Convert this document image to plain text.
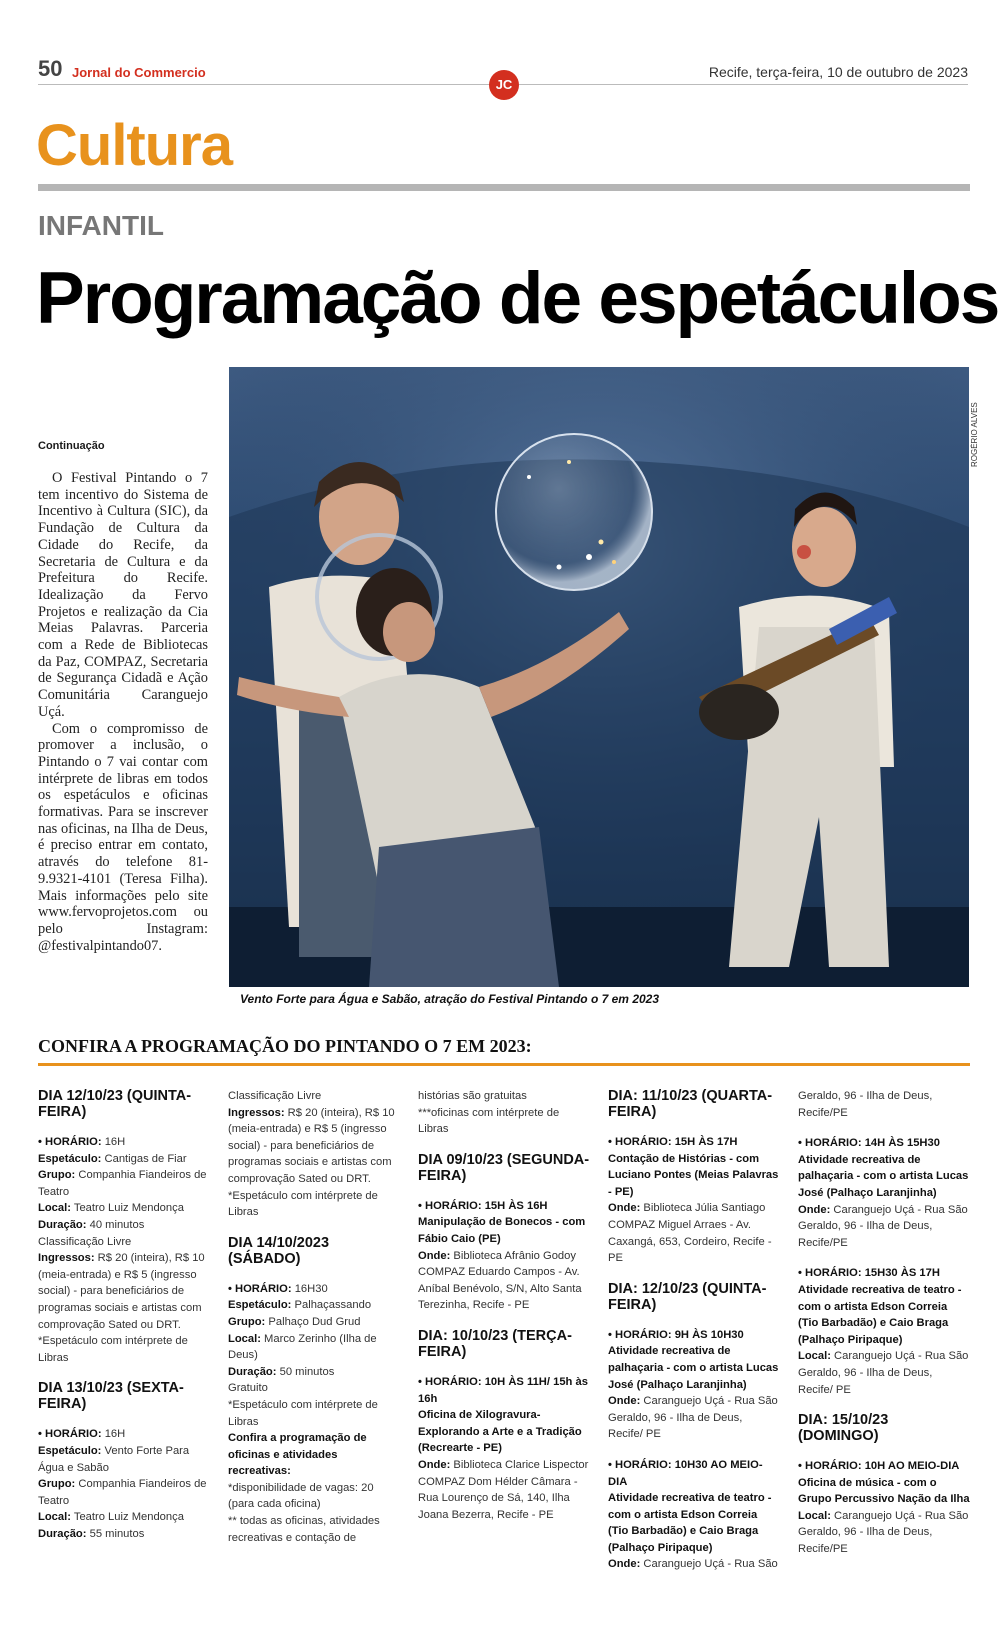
50 Jornal do Commercio	Recife, terça-feira, 10 de outubro de 2023
JC
Cultura
INFANTIL
Programação de espetáculos
ROGÉRIO ALVES
Vento Forte para Água e Sabão, atração do Festival Pintando o 7 em 2023
Continuação

O Festival Pintando o 7 tem incentivo do Sistema de Incentivo à Cultura (SIC), da Fundação de Cultura da Cidade do Recife, da Secretaria de Cultura e da Prefeitura do Recife. Idealização da Fervo Projetos e realização da Cia Meias Palavras. Parceria com a Rede de Bibliotecas da Paz, COMPAZ, Secretaria de Segurança Cidadã e Ação Comunitária Caranguejo Uçá.

Com o compromisso de promover a inclusão, o Pintando o 7 vai contar com intérprete de libras em todos os espetáculos e oficinas formativas. Para se inscrever nas oficinas, na Ilha de Deus, é preciso entrar em contato, através do telefone 81- 9.9321-4101 (Teresa Filha). Mais informações pelo site www.fervoprojetos.com ou pelo Instagram: @festivalpintando07.

CONFIRA A PROGRAMAÇÃO DO PINTANDO O 7 EM 2023:
DIA 12/10/23 (QUINTA-FEIRA)
• HORÁRIO: 16H
Espetáculo: Cantigas de Fiar
Grupo: Companhia Fiandeiros de Teatro
Local: Teatro Luiz Mendonça
Duração: 40 minutos
Classificação Livre
Ingressos: R$ 20 (inteira), R$ 10 (meia-entrada) e R$ 5 (ingresso social) - para beneficiários de programas sociais e artistas com comprovação Sated ou DRT.
*Espetáculo com intérprete de Libras
DIA 13/10/23 (SEXTA-FEIRA)
• HORÁRIO: 16H
Espetáculo: Vento Forte Para Água e Sabão
Grupo: Companhia Fiandeiros de Teatro
Local: Teatro Luiz Mendonça
Duração: 55 minutos
Classificação Livre
Ingressos: R$ 20 (inteira), R$ 10 (meia-entrada) e R$ 5 (ingresso social) - para beneficiários de programas sociais e artistas com comprovação Sated ou DRT.
*Espetáculo com intérprete de Libras
DIA 14/10/2023 (SÁBADO)
• HORÁRIO: 16H30
Espetáculo: Palhaçassando
Grupo: Palhaço Dud Grud
Local: Marco Zerinho (Ilha de Deus)
Duração: 50 minutos
Gratuito
*Espetáculo com intérprete de Libras
Confira a programação de oficinas e atividades recreativas:
*disponibilidade de vagas: 20 (para cada oficina)
** todas as oficinas, atividades recreativas e contação de
histórias são gratuitas
***oficinas com intérprete de Libras
DIA 09/10/23 (SEGUNDA-FEIRA)
• HORÁRIO: 15H ÀS 16H
Manipulação de Bonecos - com Fábio Caio (PE)
Onde: Biblioteca Afrânio Godoy
COMPAZ Eduardo Campos - Av. Aníbal Benévolo, S/N, Alto Santa Terezinha, Recife - PE
DIA: 10/10/23 (TERÇA-FEIRA)
• HORÁRIO: 10H ÀS 11H/ 15h às 16h
Oficina de Xilogravura- Explorando a Arte e a Tradição (Recrearte - PE)
Onde: Biblioteca Clarice Lispector
COMPAZ Dom Hélder Câmara - Rua Lourenço de Sá, 140, Ilha Joana Bezerra, Recife - PE
DIA: 11/10/23 (QUARTA-FEIRA)
• HORÁRIO: 15H ÀS 17H
Contação de Histórias - com Luciano Pontes (Meias Palavras - PE)
Onde: Biblioteca Júlia Santiago
COMPAZ Miguel Arraes - Av. Caxangá, 653, Cordeiro, Recife - PE
DIA: 12/10/23 (QUINTA-FEIRA)
• HORÁRIO: 9H ÀS 10H30
Atividade recreativa de palhaçaria - com o artista Lucas José (Palhaço Laranjinha)
Onde: Caranguejo Uçá - Rua São Geraldo, 96 - Ilha de Deus, Recife/ PE
• HORÁRIO: 10H30 AO MEIO-DIA
Atividade recreativa de teatro - com o artista Edson Correia (Tio Barbadão) e Caio Braga (Palhaço Piripaque)
Onde: Caranguejo Uçá - Rua São
Geraldo, 96 - Ilha de Deus, Recife/PE
• HORÁRIO: 14H ÀS 15H30
Atividade recreativa de palhaçaria - com o artista Lucas José (Palhaço Laranjinha)
Onde: Caranguejo Uçá - Rua São Geraldo, 96 - Ilha de Deus, Recife/PE
• HORÁRIO: 15H30 ÀS 17H
Atividade recreativa de teatro - com o artista Edson Correia (Tio Barbadão) e Caio Braga (Palhaço Piripaque)
Local: Caranguejo Uçá - Rua São Geraldo, 96 - Ilha de Deus, Recife/ PE
DIA: 15/10/23 (DOMINGO)
• HORÁRIO: 10H AO MEIO-DIA
Oficina de música - com o Grupo Percussivo Nação da Ilha
Local: Caranguejo Uçá - Rua São Geraldo, 96 - Ilha de Deus, Recife/PE
